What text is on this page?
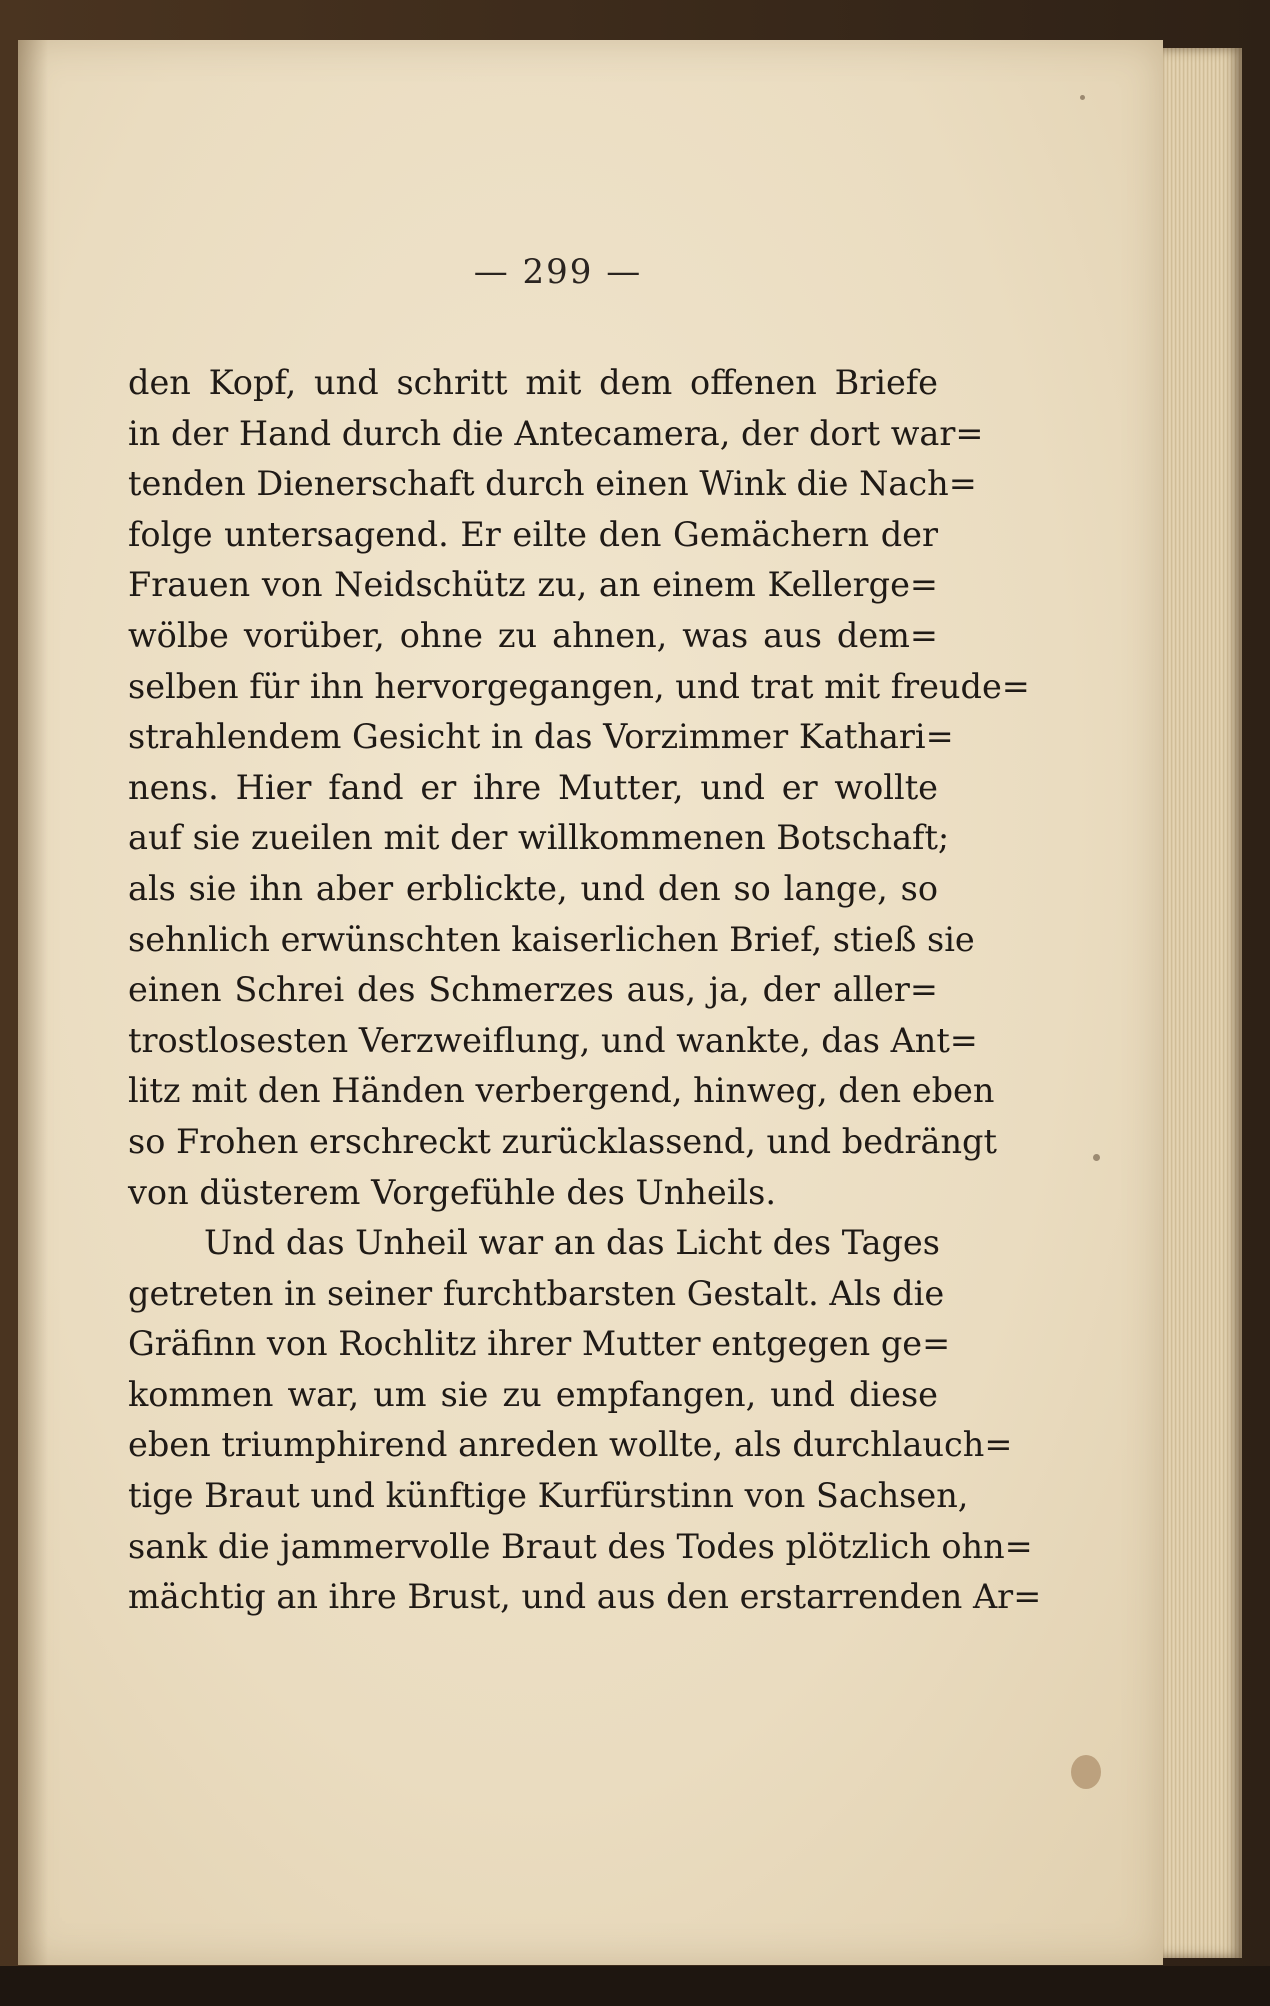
— 299 —
den Kopf, und schritt mit dem offenen Briefe
in der Hand durch die Antecamera, der dort war=
tenden Dienerschaft durch einen Wink die Nach=
folge untersagend. Er eilte den Gemächern der
Frauen von Neidschütz zu, an einem Kellerge=
wölbe vorüber, ohne zu ahnen, was aus dem=
selben für ihn hervorgegangen, und trat mit freude=
strahlendem Gesicht in das Vorzimmer Kathari=
nens. Hier fand er ihre Mutter, und er wollte
auf sie zueilen mit der willkommenen Botschaft;
als sie ihn aber erblickte, und den so lange, so
sehnlich erwünschten kaiserlichen Brief, stieß sie
einen Schrei des Schmerzes aus, ja, der aller=
trostlosesten Verzweiflung, und wankte, das Ant=
litz mit den Händen verbergend, hinweg, den eben
so Frohen erschreckt zurücklassend, und bedrängt
von düsterem Vorgefühle des Unheils.
Und das Unheil war an das Licht des Tages
getreten in seiner furchtbarsten Gestalt. Als die
Gräfinn von Rochlitz ihrer Mutter entgegen ge=
kommen war, um sie zu empfangen, und diese
eben triumphirend anreden wollte, als durchlauch=
tige Braut und künftige Kurfürstinn von Sachsen,
sank die jammervolle Braut des Todes plötzlich ohn=
mächtig an ihre Brust, und aus den erstarrenden Ar=
